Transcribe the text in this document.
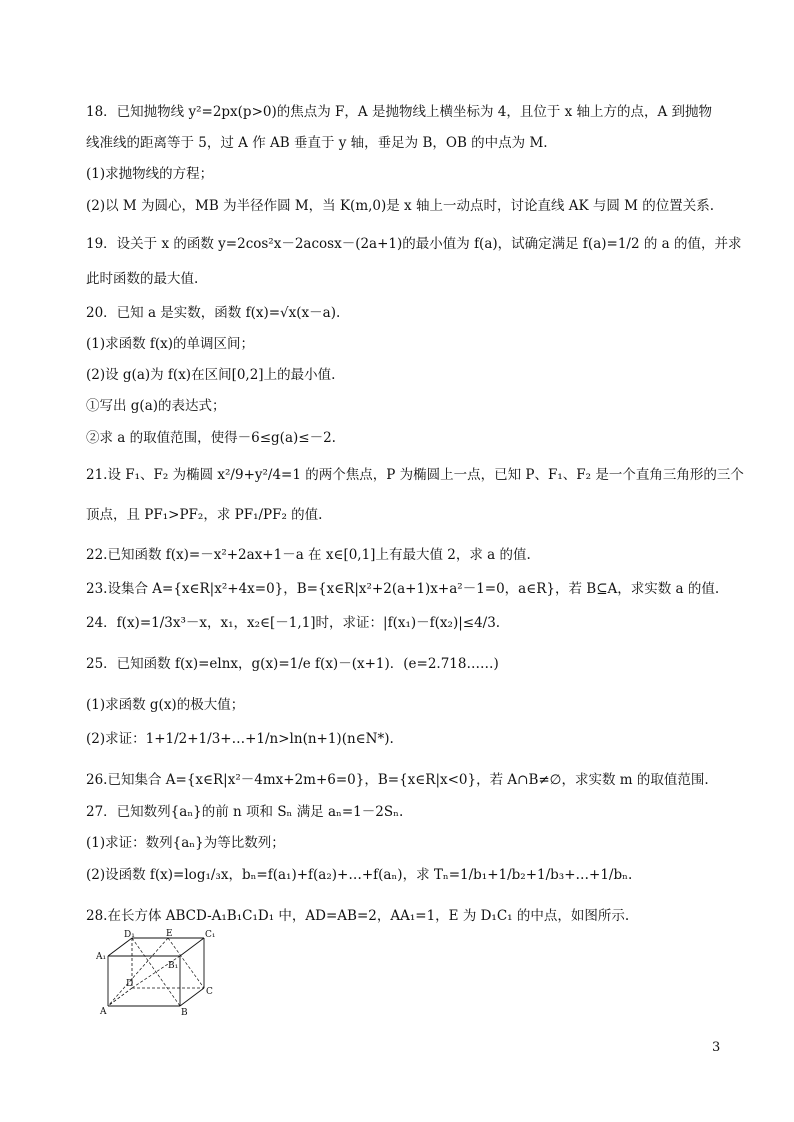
18．已知抛物线 y²=2px(p>0)的焦点为 F，A 是抛物线上横坐标为 4，且位于 x 轴上方的点，A 到抛物
线准线的距离等于 5，过 A 作 AB 垂直于 y 轴，垂足为 B，OB 的中点为 M.
(1)求抛物线的方程；
(2)以 M 为圆心，MB 为半径作圆 M，当 K(m,0)是 x 轴上一动点时，讨论直线 AK 与圆 M 的位置关系.
19．设关于 x 的函数 y=2cos²x－2acosx－(2a+1)的最小值为 f(a)，试确定满足 f(a)=1/2 的 a 的值，并求
此时函数的最大值.
20．已知 a 是实数，函数 f(x)=√x(x－a).
(1)求函数 f(x)的单调区间；
(2)设 g(a)为 f(x)在区间[0,2]上的最小值.
①写出 g(a)的表达式；
②求 a 的取值范围，使得－6≤g(a)≤－2.
21.设 F₁、F₂ 为椭圆 x²/9+y²/4=1 的两个焦点，P 为椭圆上一点，已知 P、F₁、F₂ 是一个直角三角形的三个
顶点，且 PF₁>PF₂，求 PF₁/PF₂ 的值.
22.已知函数 f(x)=－x²+2ax+1－a 在 x∈[0,1]上有最大值 2，求 a 的值.
23.设集合 A={x∈R|x²+4x=0}，B={x∈R|x²+2(a+1)x+a²－1=0，a∈R}，若 B⊆A，求实数 a 的值.
24．f(x)=1/3x³－x，x₁，x₂∈[－1,1]时，求证：|f(x₁)－f(x₂)|≤4/3.
25．已知函数 f(x)=elnx，g(x)=1/e f(x)－(x+1)．(e=2.718……)
(1)求函数 g(x)的极大值；
(2)求证：1+1/2+1/3+…+1/n>ln(n+1)(n∈N*).
26.已知集合 A={x∈R|x²－4mx+2m+6=0}，B={x∈R|x<0}，若 A∩B≠∅，求实数 m 的取值范围.
27．已知数列{aₙ}的前 n 项和 Sₙ 满足 aₙ=1－2Sₙ.
(1)求证：数列{aₙ}为等比数列；
(2)设函数 f(x)=log₁/₃x，bₙ=f(a₁)+f(a₂)+…+f(aₙ)，求 Tₙ=1/b₁+1/b₂+1/b₃+…+1/bₙ.
28.在长方体 ABCD-A₁B₁C₁D₁ 中，AD=AB=2，AA₁=1，E 为 D₁C₁ 的中点，如图所示.
D₁	E	C₁
A₁
B₁
D
C
A	B
3
